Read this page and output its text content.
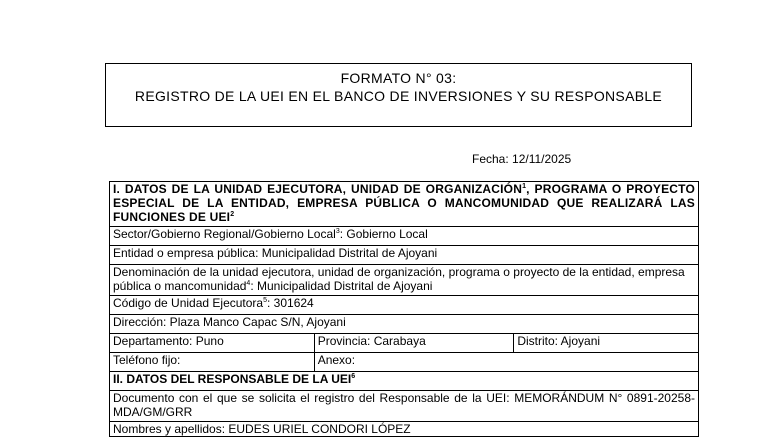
FORMATO N° 03:
REGISTRO DE LA UEI EN EL BANCO DE INVERSIONES Y SU RESPONSABLE
Fecha: 12/11/2025
I. DATOS DE LA UNIDAD EJECUTORA, UNIDAD DE ORGANIZACIÓN$^1$, PROGRAMA O PROYECTO ESPECIAL DE LA ENTIDAD, EMPRESA PÚBLICA O MANCOMUNIDAD QUE REALIZARÁ LAS FUNCIONES DE UEI$^2$
Sector/Gobierno Regional/Gobierno Local$^3$: Gobierno Local		
Entidad o empresa pública: Municipalidad Distrital de Ajoyani		
Denominación de la unidad ejecutora, unidad de organización, programa o proyecto de la entidad, empresa pública o mancomunidad$^4$: Municipalidad Distrital de Ajoyani		
Código de Unidad Ejecutora$^5$: 301624		
Dirección: Plaza Manco Capac S/N, Ajoyani		
Departamento: Puno	Provincia: Carabaya	Distrito: Ajoyani
Teléfono fijo:	Anexo:	
II. DATOS DEL RESPONSABLE DE LA UEI$^6$
Documento con el que se solicita el registro del Responsable de la UEI: MEMORÁNDUM N° 0891-20258-MDA/GM/GRR		
Nombres y apellidos: EUDES URIEL CONDORI LÓPEZ		
